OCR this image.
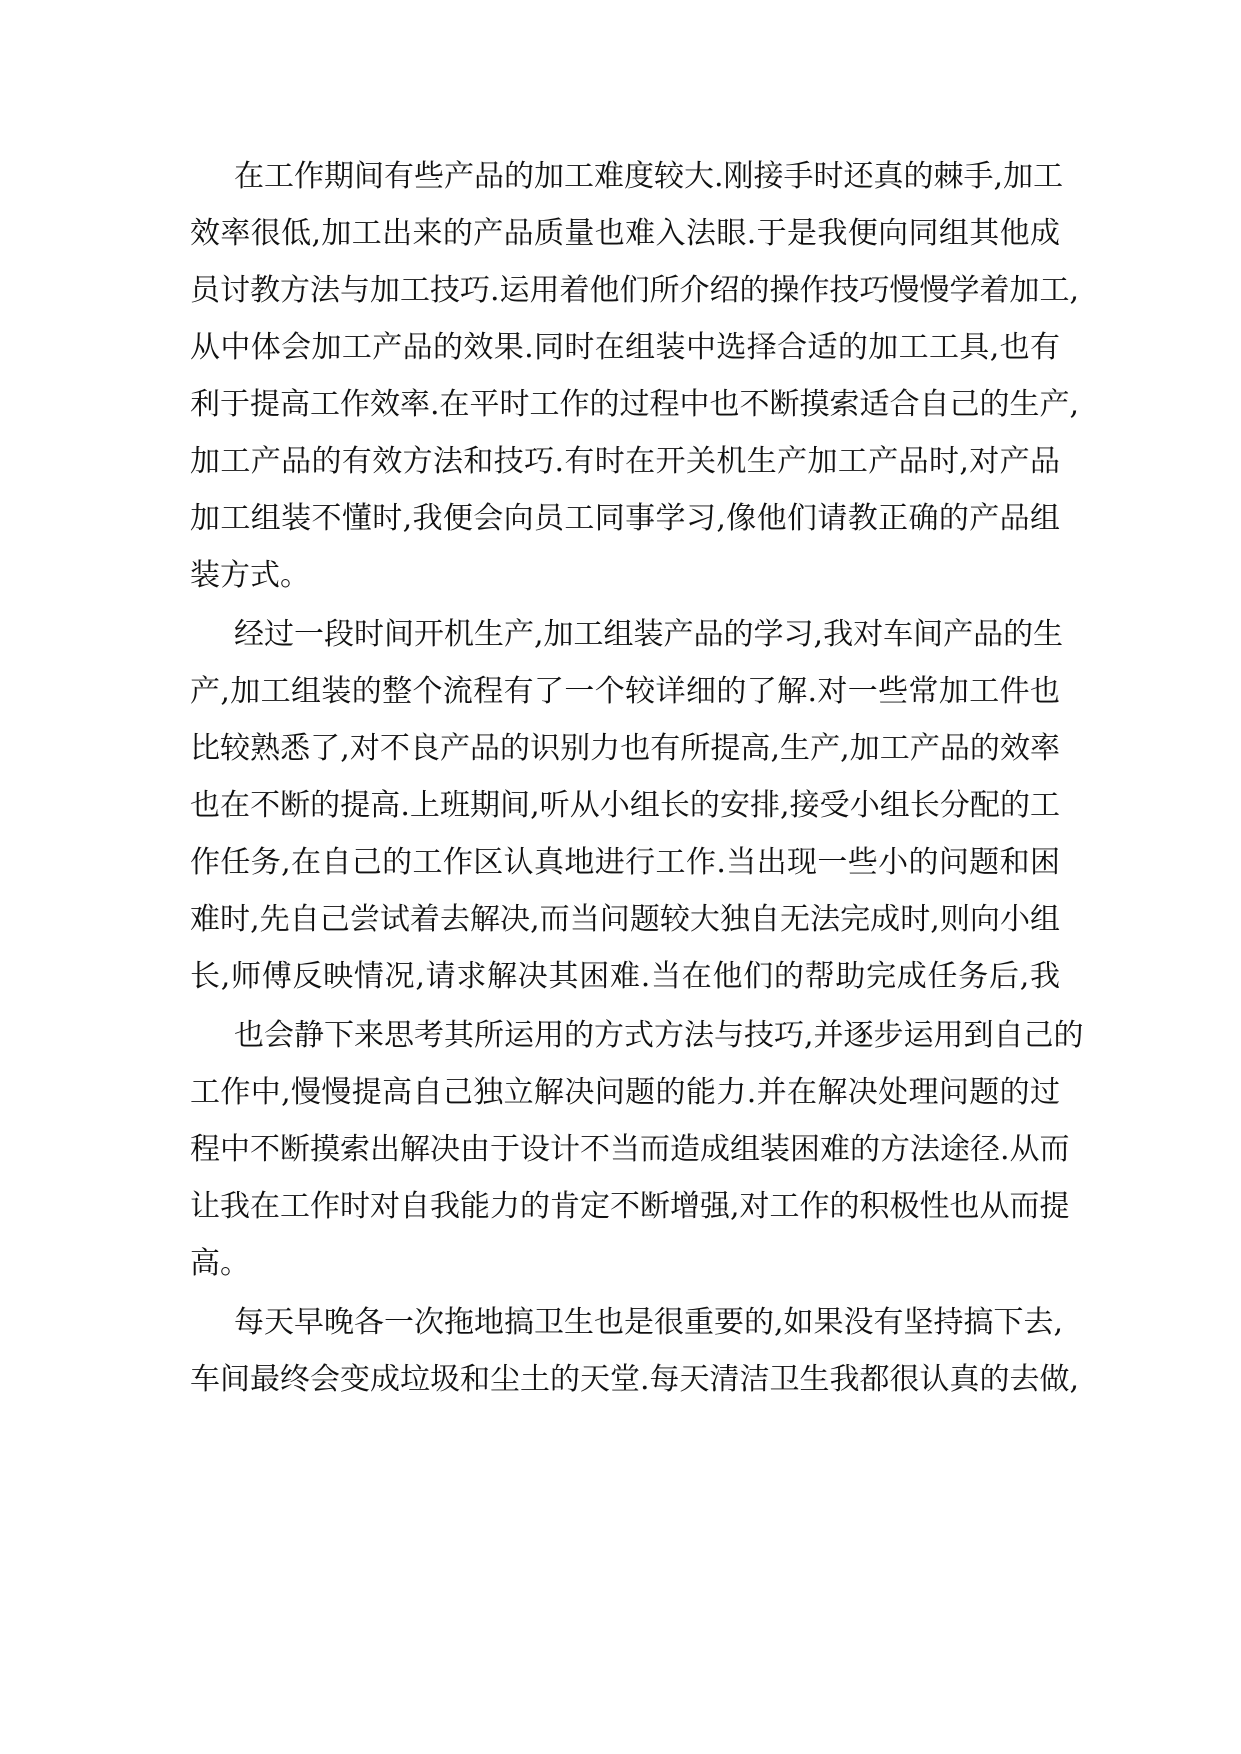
在工作期间有些产品的加工难度较大.刚接手时还真的棘手,加工
效率很低,加工出来的产品质量也难入法眼.于是我便向同组其他成
员讨教方法与加工技巧.运用着他们所介绍的操作技巧慢慢学着加工,
从中体会加工产品的效果.同时在组装中选择合适的加工工具,也有
利于提高工作效率.在平时工作的过程中也不断摸索适合自己的生产,
加工产品的有效方法和技巧.有时在开关机生产加工产品时,对产品
加工组装不懂时,我便会向员工同事学习,像他们请教正确的产品组
装方式。
经过一段时间开机生产,加工组装产品的学习,我对车间产品的生
产,加工组装的整个流程有了一个较详细的了解.对一些常加工件也
比较熟悉了,对不良产品的识别力也有所提高,生产,加工产品的效率
也在不断的提高.上班期间,听从小组长的安排,接受小组长分配的工
作任务,在自己的工作区认真地进行工作.当出现一些小的问题和困
难时,先自己尝试着去解决,而当问题较大独自无法完成时,则向小组
长,师傅反映情况,请求解决其困难.当在他们的帮助完成任务后,我
也会静下来思考其所运用的方式方法与技巧,并逐步运用到自己的
工作中,慢慢提高自己独立解决问题的能力.并在解决处理问题的过
程中不断摸索出解决由于设计不当而造成组装困难的方法途径.从而
让我在工作时对自我能力的肯定不断增强,对工作的积极性也从而提
高。
每天早晚各一次拖地搞卫生也是很重要的,如果没有坚持搞下去,
车间最终会变成垃圾和尘土的天堂.每天清洁卫生我都很认真的去做,
